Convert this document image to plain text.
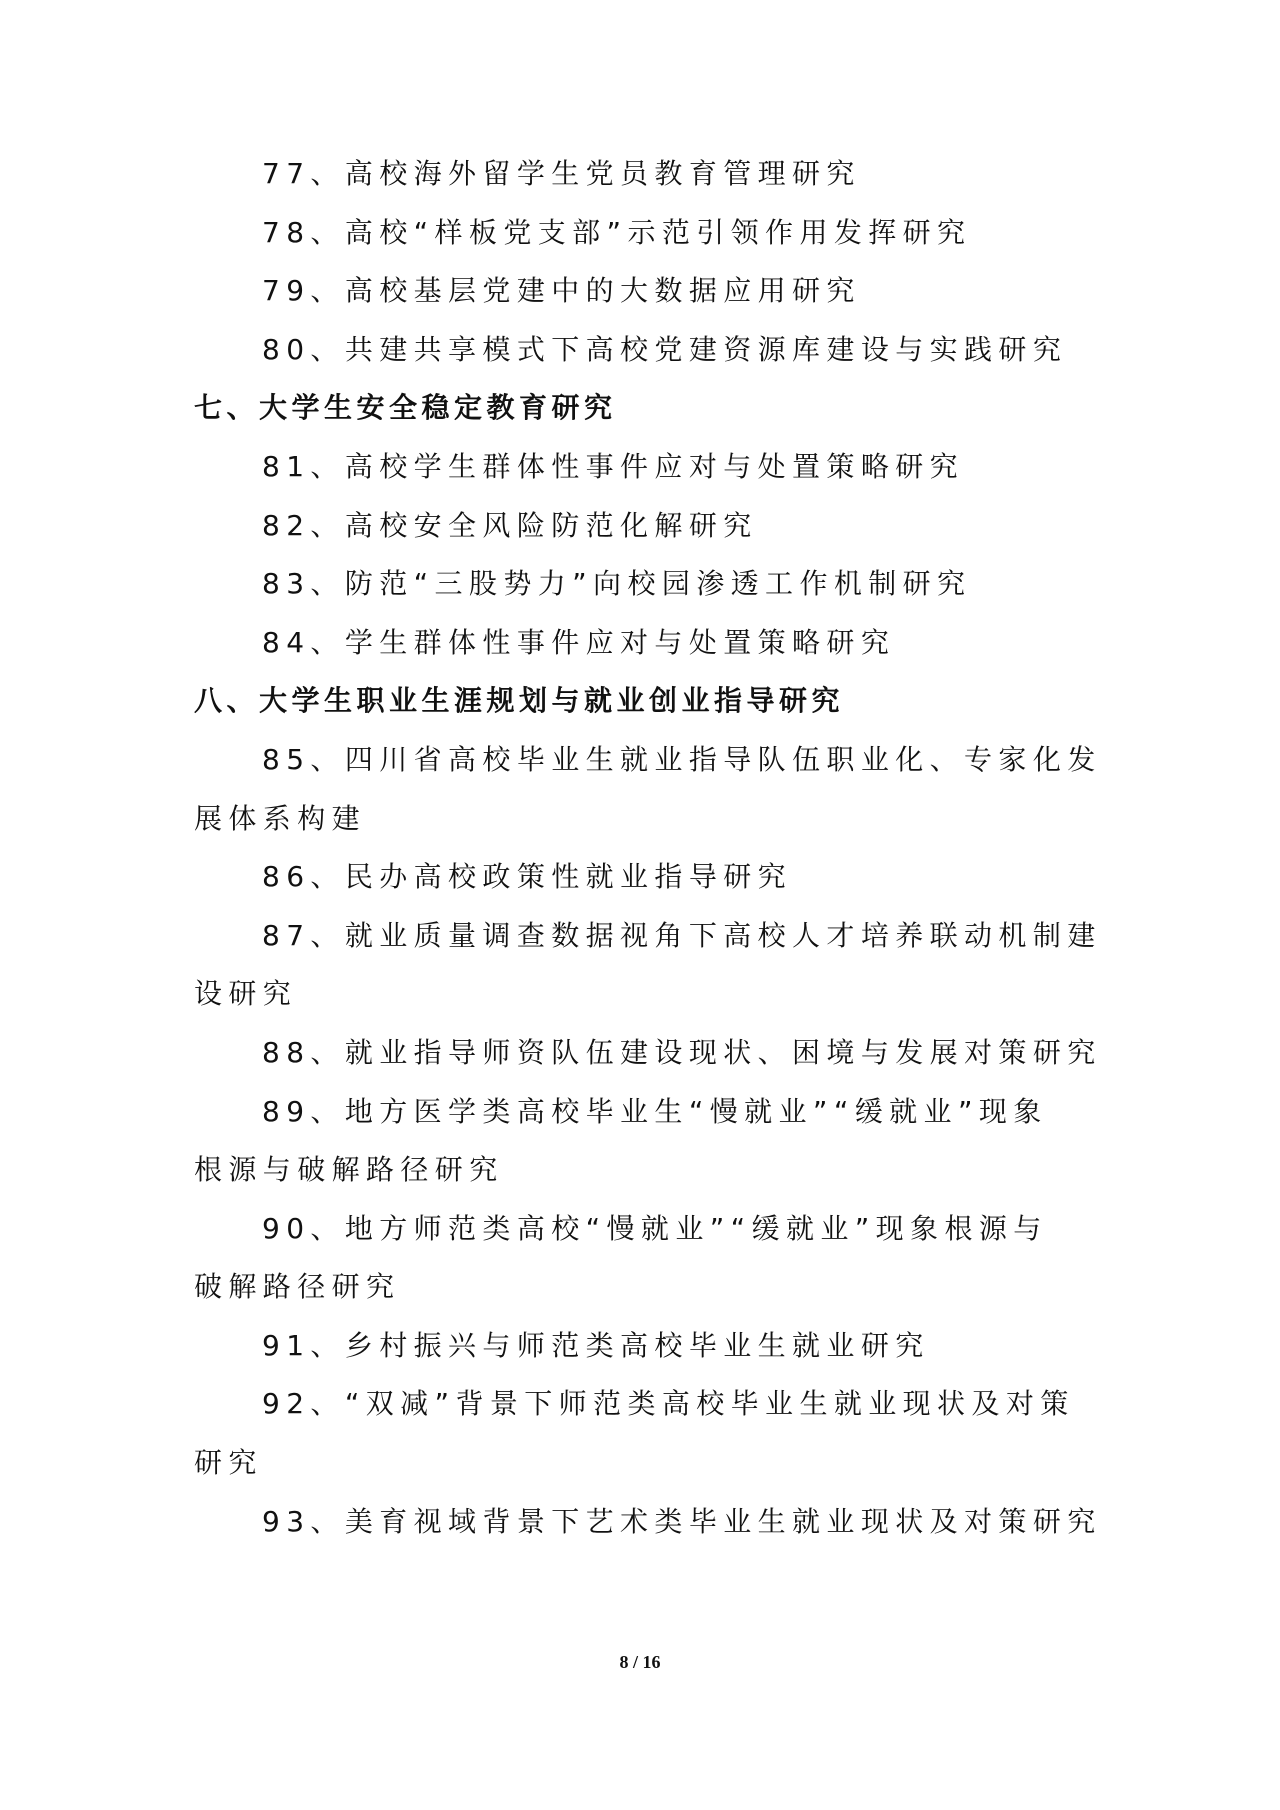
77、高校海外留学生党员教育管理研究
78、高校“样板党支部”示范引领作用发挥研究
79、高校基层党建中的大数据应用研究
80、共建共享模式下高校党建资源库建设与实践研究
七、大学生安全稳定教育研究
81、高校学生群体性事件应对与处置策略研究
82、高校安全风险防范化解研究
83、防范“三股势力”向校园渗透工作机制研究
84、学生群体性事件应对与处置策略研究
八、大学生职业生涯规划与就业创业指导研究
85、四川省高校毕业生就业指导队伍职业化、专家化发
展体系构建
86、民办高校政策性就业指导研究
87、就业质量调查数据视角下高校人才培养联动机制建
设研究
88、就业指导师资队伍建设现状、困境与发展对策研究
89、地方医学类高校毕业生“慢就业”“缓就业”现象
根源与破解路径研究
90、地方师范类高校“慢就业”“缓就业”现象根源与
破解路径研究
91、乡村振兴与师范类高校毕业生就业研究
92、“双减”背景下师范类高校毕业生就业现状及对策
研究
93、美育视域背景下艺术类毕业生就业现状及对策研究
8 / 16
